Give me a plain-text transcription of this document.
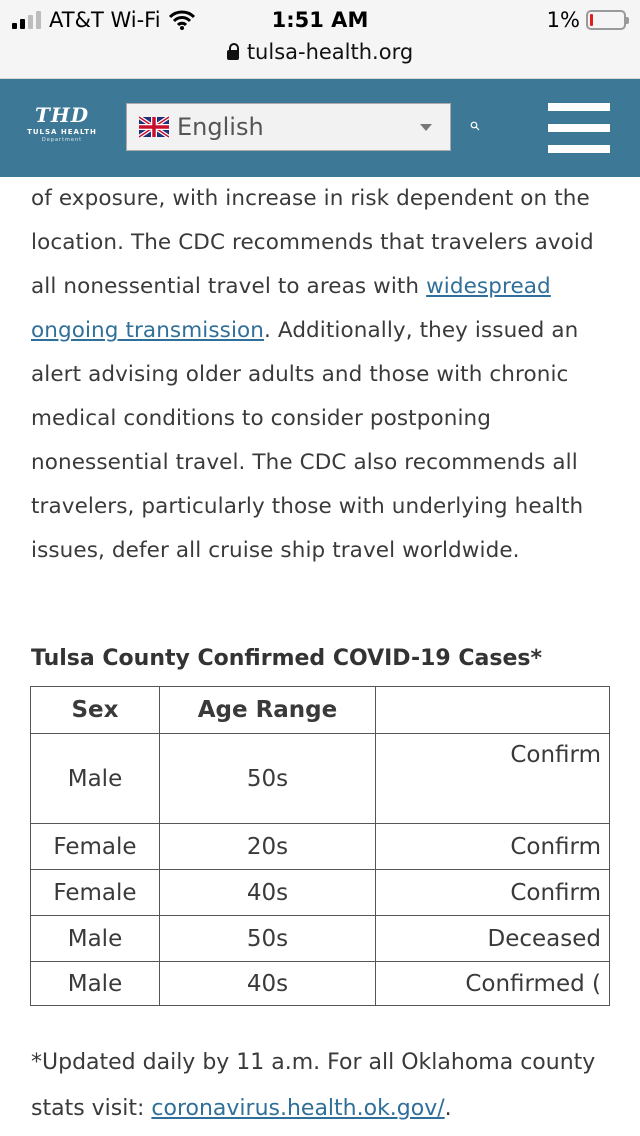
AT&T Wi-Fi	1:51 AM	1%
tulsa-health.org
THD
TULSA HEALTH
Department	English

of exposure, with increase in risk dependent on the location. The CDC recommends that travelers avoid all nonessential travel to areas with widespread ongoing transmission. Additionally, they issued an alert advising older adults and those with chronic medical conditions to consider postponing nonessential travel. The CDC also recommends all travelers, particularly those with underlying health issues, defer all cruise ship travel worldwide.

Tulsa County Confirmed COVID-19 Cases*
Sex	Age Range	
Male	50s	Confirm
Female	20s	Confirm
Female	40s	Confirm
Male	50s	Deceased
Male	40s	Confirmed (
*Updated daily by 11 a.m. For all Oklahoma county stats visit: coronavirus.health.ok.gov/.
